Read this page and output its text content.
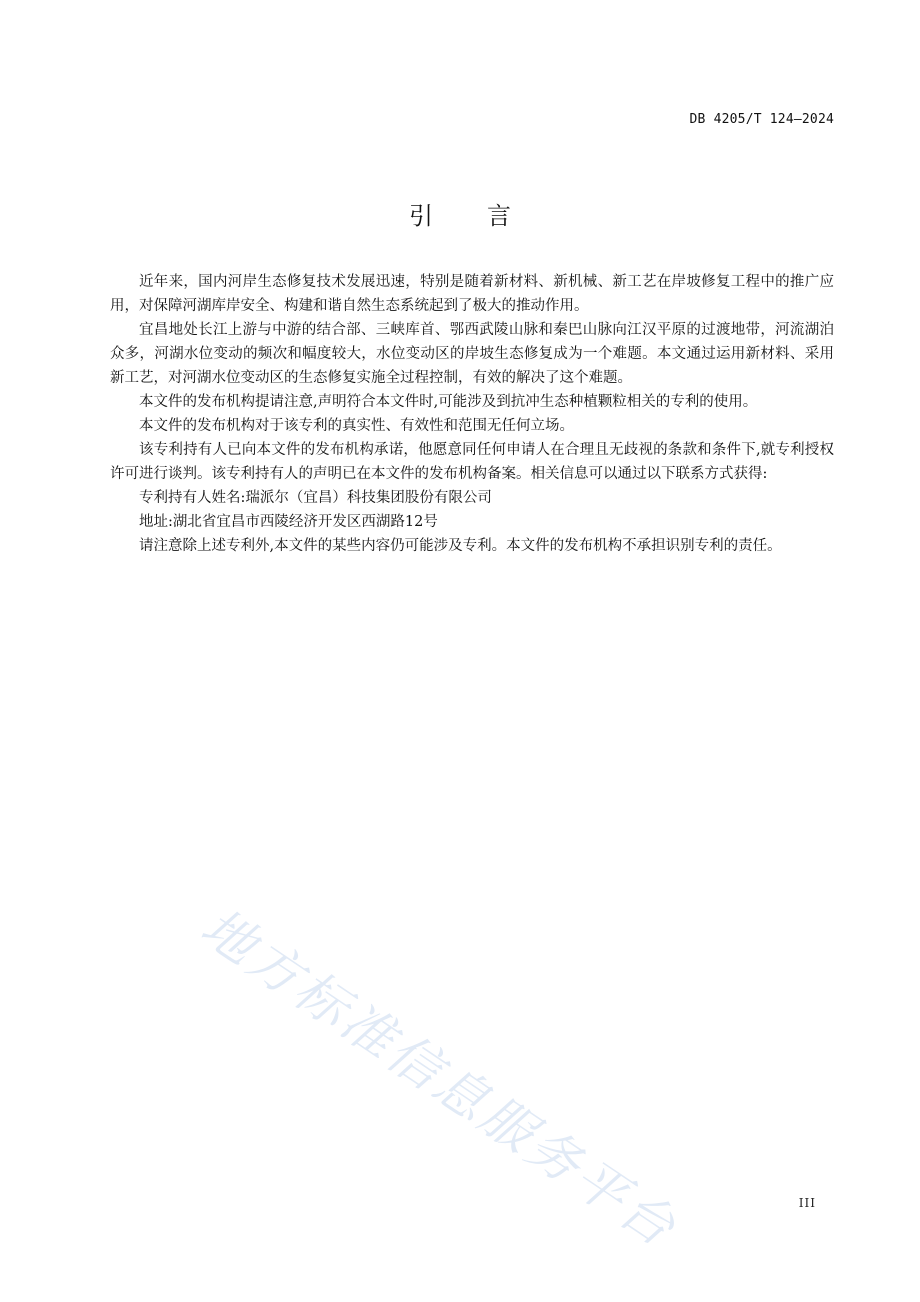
DB 4205/T 124—2024
引 言

近年来，国内河岸生态修复技术发展迅速，特别是随着新材料、新机械、新工艺在岸坡修复工程中的推广应用，对保障河湖库岸安全、构建和谐自然生态系统起到了极大的推动作用。

宜昌地处长江上游与中游的结合部、三峡库首、鄂西武陵山脉和秦巴山脉向江汉平原的过渡地带，河流湖泊众多，河湖水位变动的频次和幅度较大，水位变动区的岸坡生态修复成为一个难题。本文通过运用新材料、采用新工艺，对河湖水位变动区的生态修复实施全过程控制，有效的解决了这个难题。

本文件的发布机构提请注意,声明符合本文件时,可能涉及到抗冲生态种植颗粒相关的专利的使用。

本文件的发布机构对于该专利的真实性、有效性和范围无任何立场。

该专利持有人已向本文件的发布机构承诺，他愿意同任何申请人在合理且无歧视的条款和条件下,就专利授权许可进行谈判。该专利持有人的声明已在本文件的发布机构备案。相关信息可以通过以下联系方式获得:

专利持有人姓名:瑞派尔（宜昌）科技集团股份有限公司

地址:湖北省宜昌市西陵经济开发区西湖路12号

请注意除上述专利外,本文件的某些内容仍可能涉及专利。本文件的发布机构不承担识别专利的责任。

地方标准信息服务平台	III
